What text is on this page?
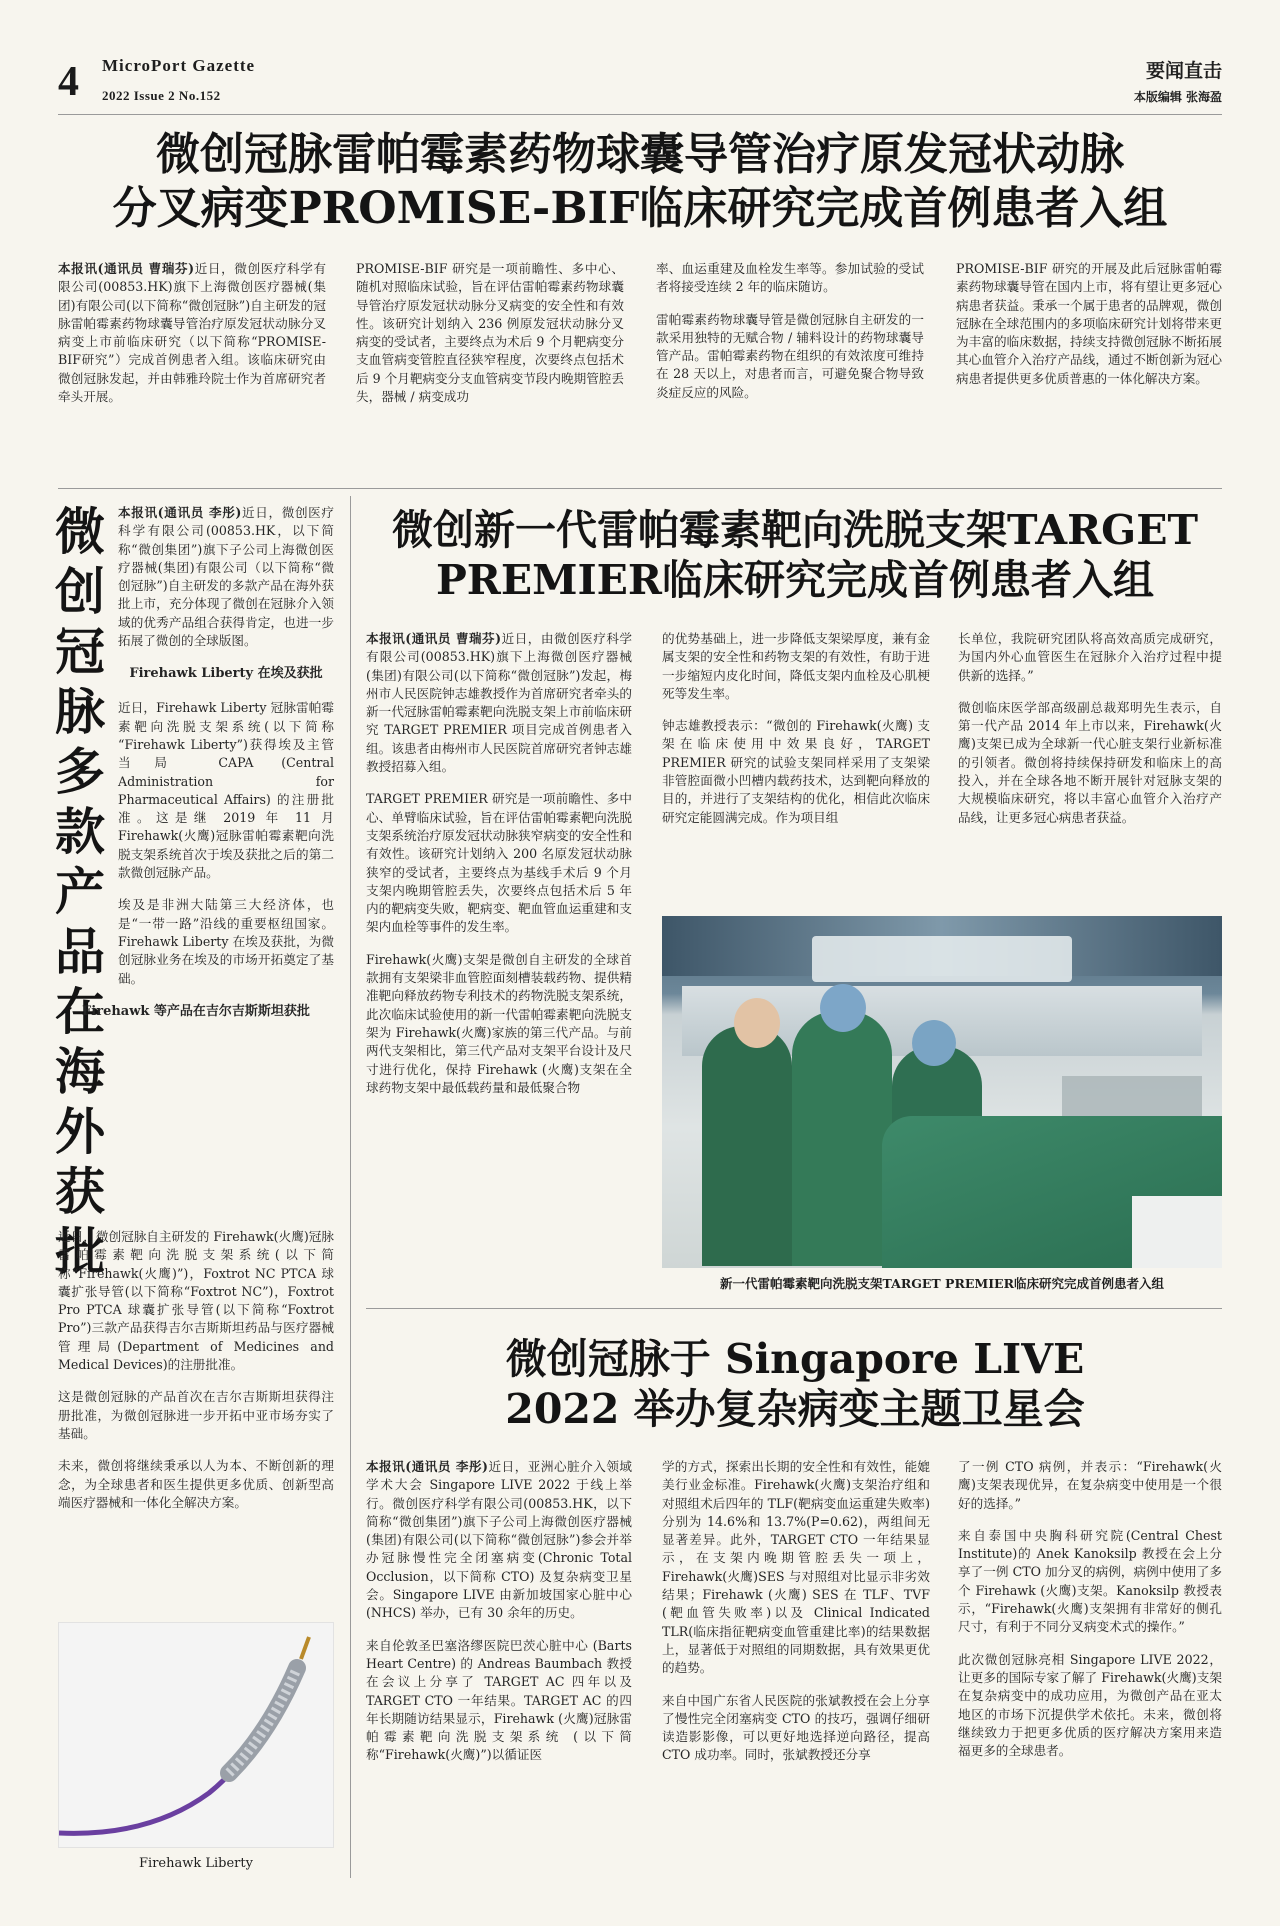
4 MicroPort Gazette
2022 Issue 2 No.152
要闻直击
本版编辑 张海盈
微创冠脉雷帕霉素药物球囊导管治疗原发冠状动脉
分叉病变PROMISE-BIF临床研究完成首例患者入组
本报讯(通讯员 曹瑞芬)近日，微创医疗科学有限公司(00853.HK)旗下上海微创医疗器械(集团)有限公司(以下简称“微创冠脉”)自主研发的冠脉雷帕霉素药物球囊导管治疗原发冠状动脉分叉病变上市前临床研究（以下简称“PROMISE-BIF研究”）完成首例患者入组。该临床研究由微创冠脉发起，并由韩雅玲院士作为首席研究者牵头开展。
PROMISE-BIF 研究是一项前瞻性、多中心、随机对照临床试验，旨在评估雷帕霉素药物球囊导管治疗原发冠状动脉分叉病变的安全性和有效性。该研究计划纳入 236 例原发冠状动脉分叉病变的受试者，主要终点为术后 9 个月靶病变分支血管病变管腔直径狭窄程度，次要终点包括术后 9 个月靶病变分支血管病变节段内晚期管腔丢失，器械 / 病变成功

率、血运重建及血栓发生率等。参加试验的受试者将接受连续 2 年的临床随访。

雷帕霉素药物球囊导管是微创冠脉自主研发的一款采用独特的无赋合物 / 辅料设计的药物球囊导管产品。雷帕霉素药物在组织的有效浓度可维持在 28 天以上，对患者而言，可避免聚合物导致炎症反应的风险。

PROMISE-BIF 研究的开展及此后冠脉雷帕霉素药物球囊导管在国内上市，将有望让更多冠心病患者获益。秉承一个属于患者的品牌观，微创冠脉在全球范围内的多项临床研究计划将带来更为丰富的临床数据，持续支持微创冠脉不断拓展其心血管介入治疗产品线，通过不断创新为冠心病患者提供更多优质普惠的一体化解决方案。
微创冠脉多款产品在海外获批

本报讯(通讯员 李彤)近日，微创医疗科学有限公司(00853.HK，以下简称“微创集团”)旗下子公司上海微创医疗器械(集团)有限公司（以下简称“微创冠脉”)自主研发的多款产品在海外获批上市，充分体现了微创在冠脉介入领域的优秀产品组合获得肯定，也进一步拓展了微创的全球版图。

Firehawk Liberty 在埃及获批

近日，Firehawk Liberty 冠脉雷帕霉素靶向洗脱支架系统(以下简称 “Firehawk Liberty”)获得埃及主管当局 CAPA (Central Administration for Pharmaceutical Affairs) 的注册批准。这是继 2019 年 11 月 Firehawk(火鹰)冠脉雷帕霉素靶向洗脱支架系统首次于埃及获批之后的第二款微创冠脉产品。

埃及是非洲大陆第三大经济体，也是“一带一路”沿线的重要枢纽国家。Firehawk Liberty 在埃及获批，为微创冠脉业务在埃及的市场开拓奠定了基础。

Firehawk 等产品在吉尔吉斯斯坦获批

近日，微创冠脉自主研发的 Firehawk(火鹰)冠脉雷帕霉素靶向洗脱支架系统(以下简称“Firehawk(火鹰)”)，Foxtrot NC PTCA 球囊扩张导管(以下简称“Foxtrot NC”)，Foxtrot Pro PTCA 球囊扩张导管(以下简称“Foxtrot Pro”)三款产品获得吉尔吉斯斯坦药品与医疗器械管理局(Department of Medicines and Medical Devices)的注册批准。

这是微创冠脉的产品首次在吉尔吉斯斯坦获得注册批准，为微创冠脉进一步开拓中亚市场夯实了基础。

未来，微创将继续秉承以人为本、不断创新的理念，为全球患者和医生提供更多优质、创新型高端医疗器械和一体化全解决方案。

Firehawk Liberty
微创新一代雷帕霉素靶向洗脱支架TARGET
PREMIER临床研究完成首例患者入组

本报讯(通讯员 曹瑞芬)近日，由微创医疗科学有限公司(00853.HK)旗下上海微创医疗器械(集团)有限公司(以下简称“微创冠脉”)发起，梅州市人民医院钟志雄教授作为首席研究者牵头的新一代冠脉雷帕霉素靶向洗脱支架上市前临床研究 TARGET PREMIER 项目完成首例患者入组。该患者由梅州市人民医院首席研究者钟志雄教授招募入组。

TARGET PREMIER 研究是一项前瞻性、多中心、单臂临床试验，旨在评估雷帕霉素靶向洗脱支架系统治疗原发冠状动脉狭窄病变的安全性和有效性。该研究计划纳入 200 名原发冠状动脉狭窄的受试者，主要终点为基线手术后 9 个月支架内晚期管腔丢失，次要终点包括术后 5 年内的靶病变失败，靶病变、靶血管血运重建和支架内血栓等事件的发生率。

Firehawk(火鹰)支架是微创自主研发的全球首款拥有支架梁非血管腔面刻槽装载药物、提供精准靶向释放药物专利技术的药物洗脱支架系统，此次临床试验使用的新一代雷帕霉素靶向洗脱支架为 Firehawk(火鹰)家族的第三代产品。与前两代支架相比，第三代产品对支架平台设计及尺寸进行优化，保持 Firehawk (火鹰)支架在全球药物支架中最低载药量和最低聚合物

的优势基础上，进一步降低支架梁厚度，兼有金属支架的安全性和药物支架的有效性，有助于进一步缩短内皮化时间，降低支架内血栓及心肌梗死等发生率。

钟志雄教授表示：“微创的 Firehawk(火鹰) 支架在临床使用中效果良好，TARGET PREMIER 研究的试验支架同样采用了支架梁非管腔面微小凹槽内载药技术，达到靶向释放的目的，并进行了支架结构的优化，相信此次临床研究定能圆满完成。作为项目组

长单位，我院研究团队将高效高质完成研究，为国内外心血管医生在冠脉介入治疗过程中提供新的选择。”

微创临床医学部高级副总裁郑明先生表示，自第一代产品 2014 年上市以来，Firehawk(火鹰)支架已成为全球新一代心脏支架行业新标准的引领者。微创将持续保持研发和临床上的高投入，并在全球各地不断开展针对冠脉支架的大规模临床研究，将以丰富心血管介入治疗产品线，让更多冠心病患者获益。

新一代雷帕霉素靶向洗脱支架TARGET PREMIER临床研究完成首例患者入组
微创冠脉于 Singapore LIVE
2022 举办复杂病变主题卫星会

本报讯(通讯员 李彤)近日，亚洲心脏介入领域学术大会 Singapore LIVE 2022 于线上举行。微创医疗科学有限公司(00853.HK，以下简称“微创集团”)旗下子公司上海微创医疗器械(集团)有限公司(以下简称“微创冠脉”)参会并举办冠脉慢性完全闭塞病变(Chronic Total Occlusion，以下简称 CTO) 及复杂病变卫星会。Singapore LIVE 由新加坡国家心脏中心 (NHCS) 举办，已有 30 余年的历史。

来自伦敦圣巴塞洛缪医院巴茨心脏中心 (Barts Heart Centre) 的 Andreas Baumbach 教授在会议上分享了 TARGET AC 四年以及 TARGET CTO 一年结果。TARGET AC 的四年长期随访结果显示，Firehawk (火鹰)冠脉雷帕霉素靶向洗脱支架系统 (以下简称“Firehawk(火鹰)”)以循证医

学的方式，探索出长期的安全性和有效性，能媲美行业金标准。Firehawk(火鹰)支架治疗组和对照组术后四年的 TLF(靶病变血运重建失败率)分别为 14.6%和 13.7%(P=0.62)，两组间无显著差异。此外，TARGET CTO 一年结果显示，在支架内晚期管腔丢失一项上，Firehawk(火鹰)SES 与对照组对比显示非劣效结果；Firehawk (火鹰) SES 在 TLF、TVF (靶血管失败率)以及 Clinical Indicated TLR(临床指征靶病变血管重建比率)的结果数据上，显著低于对照组的同期数据，具有效果更优的趋势。

来自中国广东省人民医院的张斌教授在会上分享了慢性完全闭塞病变 CTO 的技巧，强调仔细研读造影影像，可以更好地选择逆向路径，提高 CTO 成功率。同时，张斌教授还分享

了一例 CTO 病例，并表示：“Firehawk(火鹰)支架表现优异，在复杂病变中使用是一个很好的选择。”

来自泰国中央胸科研究院(Central Chest Institute)的 Anek Kanoksilp 教授在会上分享了一例 CTO 加分叉的病例，病例中使用了多个 Firehawk (火鹰)支架。Kanoksilp 教授表示，“Firehawk(火鹰)支架拥有非常好的侧孔尺寸，有利于不同分叉病变术式的操作。”

此次微创冠脉亮相 Singapore LIVE 2022，让更多的国际专家了解了 Firehawk(火鹰)支架在复杂病变中的成功应用，为微创产品在亚太地区的市场下沉提供学术依托。未来，微创将继续致力于把更多优质的医疗解决方案用来造福更多的全球患者。
